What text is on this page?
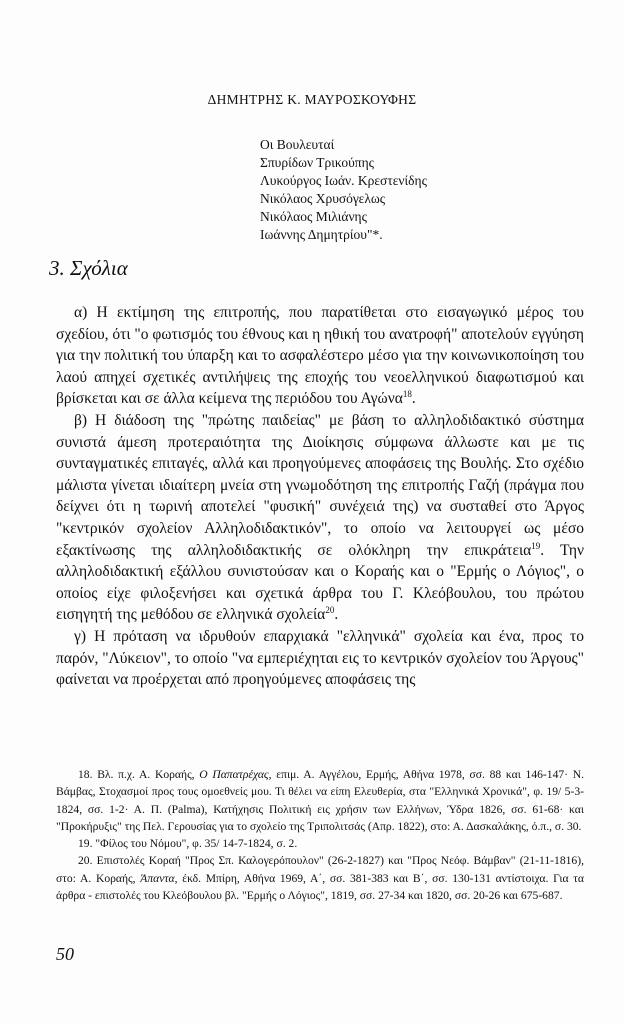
ΔΗΜΗΤΡΗΣ Κ. ΜΑΥΡΟΣΚΟΥΦΗΣ
Οι Βουλευταί
Σπυρίδων Τρικούπης
Λυκούργος Ιωάν. Κρεστενίδης
Νικόλαος Χρυσόγελως
Νικόλαος Μιλιάνης
Ιωάννης Δημητρίου"*.
3. Σχόλια

α) Η εκτίμηση της επιτροπής, που παρατίθεται στο εισαγωγικό μέρος του σχεδίου, ότι "ο φωτισμός του έθνους και η ηθική του ανατροφή" αποτελούν εγγύηση για την πολιτική του ύπαρξη και το ασφαλέστερο μέσο για την κοινωνικοποίηση του λαού απηχεί σχετικές αντιλήψεις της εποχής του νεοελληνικού διαφωτισμού και βρίσκεται και σε άλλα κείμενα της περιόδου του Αγώνα$^{18}$.

β) Η διάδοση της "πρώτης παιδείας" με βάση το αλληλοδιδακτικό σύστημα συνιστά άμεση προτεραιότητα της Διοίκησις σύμφωνα άλλωστε και με τις συνταγματικές επιταγές, αλλά και προηγούμενες αποφάσεις της Βουλής. Στο σχέδιο μάλιστα γίνεται ιδιαίτερη μνεία στη γνωμοδότηση της επιτροπής Γαζή (πράγμα που δείχνει ότι η τωρινή αποτελεί "φυσική" συνέχειά της) να συσταθεί στο Άργος "κεντρικόν σχολείον Αλληλοδιδακτικόν", το οποίο να λειτουργεί ως μέσο εξακτίνωσης της αλληλοδιδακτικής σε ολόκληρη την επικράτεια$^{19}$. Την αλληλοδιδακτική εξάλλου συνιστούσαν και ο Κοραής και ο "Ερμής ο Λόγιος", ο οποίος είχε φιλοξενήσει και σχετικά άρθρα του Γ. Κλεόβουλου, του πρώτου εισηγητή της μεθόδου σε ελληνικά σχολεία$^{20}$.

γ) Η πρόταση να ιδρυθούν επαρχιακά "ελληνικά" σχολεία και ένα, προς το παρόν, "Λύκειον", το οποίο "να εμπεριέχηται εις το κεντρικόν σχολείον του Άργους" φαίνεται να προέρχεται από προηγούμενες αποφάσεις της

18. Βλ. π.χ. Α. Κοραής, Ο Παπατρέχας, επιμ. Α. Αγγέλου, Ερμής, Αθήνα 1978, σσ. 88 και 146-147· Ν. Βάμβας, Στοχασμοί προς τους ομοεθνείς μου. Τι θέλει να είπη Ελευθερία, στα "Ελληνικά Χρονικά", φ. 19/ 5-3-1824, σσ. 1-2· Α. Π. (Palma), Κατήχησις Πολιτική εις χρήσιν των Ελλήνων, Ύδρα 1826, σσ. 61-68· και "Προκήρυξις" της Πελ. Γερουσίας για το σχολείο της Τριπολιτσάς (Απρ. 1822), στο: Α. Δασκαλάκης, ό.π., σ. 30.

19. "Φίλος του Νόμου", φ. 35/ 14-7-1824, σ. 2.

20. Επιστολές Κοραή "Προς Σπ. Καλογερόπουλον" (26-2-1827) και "Προς Νεόφ. Βάμβαν" (21-11-1816), στο: Α. Κοραής, Άπαντα, έκδ. Μπίρη, Αθήνα 1969, Α΄, σσ. 381-383 και Β΄, σσ. 130-131 αντίστοιχα. Για τα άρθρα - επιστολές του Κλεόβουλου βλ. "Ερμής ο Λόγιος", 1819, σσ. 27-34 και 1820, σσ. 20-26 και 675-687.

50
